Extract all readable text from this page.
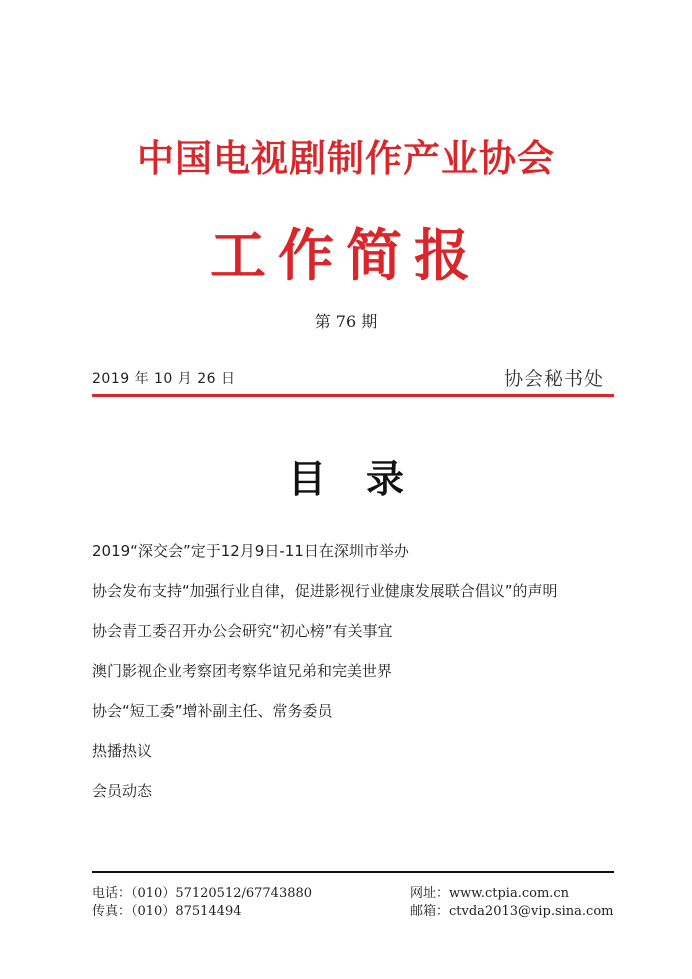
中国电视剧制作产业协会
工作简报
第 76 期
2019 年 10 月 26 日	协会秘书处
目录
2019“深交会”定于12月9日-11日在深圳市举办
协会发布支持“加强行业自律，促进影视行业健康发展联合倡议”的声明
协会青工委召开办公会研究“初心榜”有关事宜
澳门影视企业考察团考察华谊兄弟和完美世界
协会“短工委”增补副主任、常务委员
热播热议
会员动态
电话：（010）57120512/67743880
传真：（010）87514494
网址：www.ctpia.com.cn
邮箱：ctvda2013@vip.sina.com
